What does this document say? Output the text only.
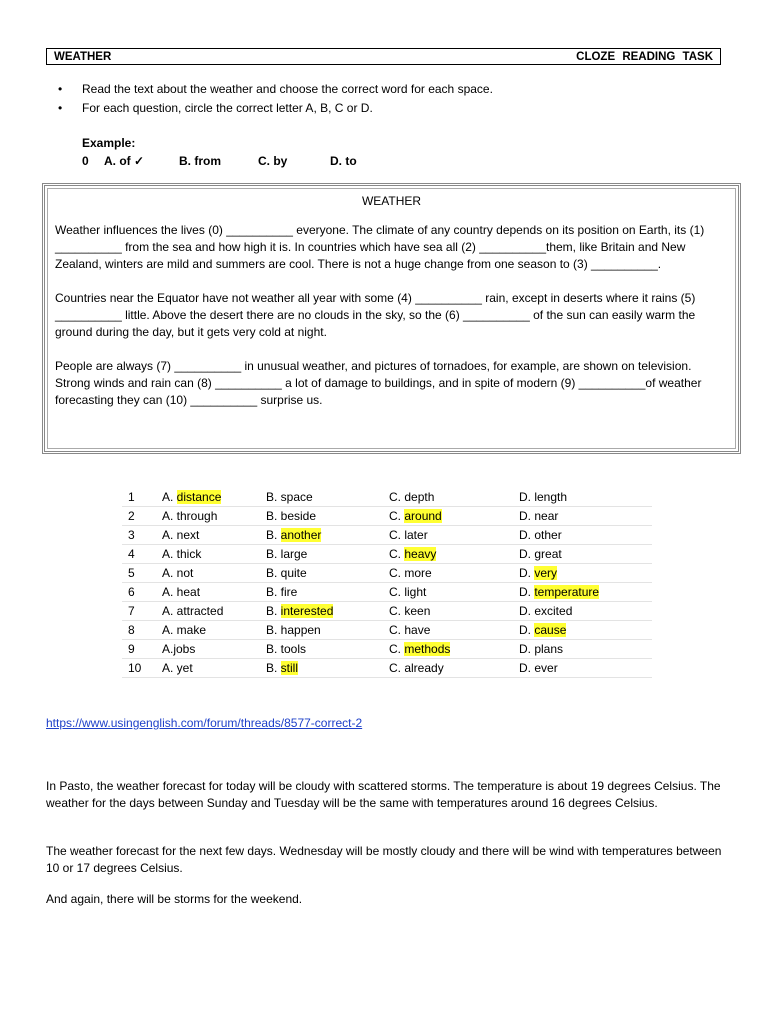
WEATHER	CLOZE READING TASK
• Read the text about the weather and choose the correct word for each space.
• For each question, circle the correct letter A, B, C or D.
Example:
0 A. of ✓	B. from	C. by	D. to
WEATHER

Weather influences the lives (0) __________ everyone. The climate of any country depends on its position on Earth, its (1) __________ from the sea and how high it is. In countries which have sea all (2) __________them, like Britain and New Zealand, winters are mild and summers are cool. There is not a huge change from one season to (3) __________.

Countries near the Equator have not weather all year with some (4) __________ rain, except in deserts where it rains (5) __________ little. Above the desert there are no clouds in the sky, so the (6) __________ of the sun can easily warm the ground during the day, but it gets very cold at night.

People are always (7) __________ in unusual weather, and pictures of tornadoes, for example, are shown on television. Strong winds and rain can (8) __________ a lot of damage to buildings, and in spite of modern (9) __________of weather forecasting they can (10) __________ surprise us.

1	A. distance	B. space	C. depth	D. length
2	A. through	B. beside	C. around	D. near
3	A. next	B. another	C. later	D. other
4	A. thick	B. large	C. heavy	D. great
5	A. not	B. quite	C. more	D. very
6	A. heat	B. fire	C. light	D. temperature
7	A. attracted	B. interested	C. keen	D. excited
8	A. make	B. happen	C. have	D. cause
9	A.jobs	B. tools	C. methods	D. plans
10	A. yet	B. still	C. already	D. ever
https://www.usingenglish.com/forum/threads/8577-correct-2

In Pasto, the weather forecast for today will be cloudy with scattered storms. The temperature is about 19 degrees Celsius. The weather for the days between Sunday and Tuesday will be the same with temperatures around 16 degrees Celsius.

The weather forecast for the next few days. Wednesday will be mostly cloudy and there will be wind with temperatures between 10 or 17 degrees Celsius.

And again, there will be storms for the weekend.
